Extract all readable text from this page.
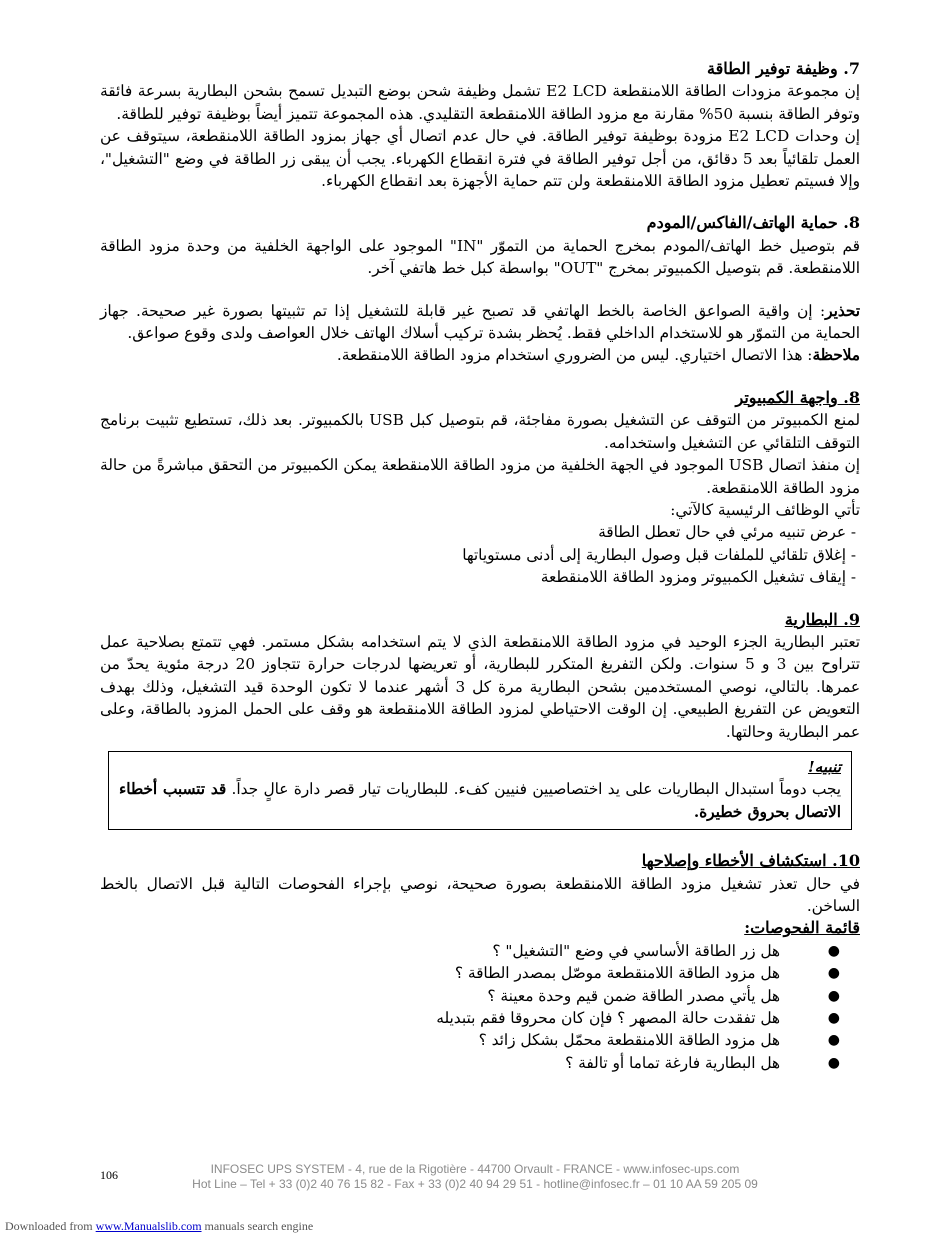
7. وظيفة توفير الطاقة

إن مجموعة مزودات الطاقة اللامنقطعة E2 LCD تشمل وظيفة شحن بوضع التبديل تسمح بشحن البطارية بسرعة فائقة وتوفر الطاقة بنسبة 50% مقارنة مع مزود الطاقة اللامنقطعة التقليدي. هذه المجموعة تتميز أيضاً بوظيفة توفير للطاقة.

إن وحدات E2 LCD مزودة بوظيفة توفير الطاقة. في حال عدم اتصال أي جهاز بمزود الطاقة اللامنقطعة، سيتوقف عن العمل تلقائياً بعد 5 دقائق، من أجل توفير الطاقة في فترة انقطاع الكهرباء. يجب أن يبقى زر الطاقة في وضع "التشغيل"، وإلا فسيتم تعطيل مزود الطاقة اللامنقطعة ولن تتم حماية الأجهزة بعد انقطاع الكهرباء.

8. حماية الهاتف/الفاكس/المودم

قم بتوصيل خط الهاتف/المودم بمخرج الحماية من التموّر "IN" الموجود على الواجهة الخلفية من وحدة مزود الطاقة اللامنقطعة. قم بتوصيل الكمبيوتر بمخرج "OUT" بواسطة كبل خط هاتفي آخر.

تحذير: إن واقية الصواعق الخاصة بالخط الهاتفي قد تصبح غير قابلة للتشغيل إذا تم تثبيتها بصورة غير صحيحة. جهاز الحماية من التموّر هو للاستخدام الداخلي فقط. يُحظر بشدة تركيب أسلاك الهاتف خلال العواصف ولدى وقوع صواعق.

ملاحظة: هذا الاتصال اختياري. ليس من الضروري استخدام مزود الطاقة اللامنقطعة.

8. واجهة الكمبيوتر

لمنع الكمبيوتر من التوقف عن التشغيل بصورة مفاجئة، قم بتوصيل كبل USB بالكمبيوتر. بعد ذلك، تستطيع تثبيت برنامج التوقف التلقائي عن التشغيل واستخدامه.

إن منفذ اتصال USB الموجود في الجهة الخلفية من مزود الطاقة اللامنقطعة يمكن الكمبيوتر من التحقق مباشرةً من حالة مزود الطاقة اللامنقطعة.

تأتي الوظائف الرئيسية كالآتي:

- عرض تنبيه مرئي في حال تعطل الطاقة

- إغلاق تلقائي للملفات قبل وصول البطارية إلى أدنى مستوياتها

- إيقاف تشغيل الكمبيوتر ومزود الطاقة اللامنقطعة

9. البطارية

تعتبر البطارية الجزء الوحيد في مزود الطاقة اللامنقطعة الذي لا يتم استخدامه بشكل مستمر. فهي تتمتع بصلاحية عمل تتراوح بين 3 و 5 سنوات. ولكن التفريغ المتكرر للبطارية، أو تعريضها لدرجات حرارة تتجاوز 20 درجة مئوية يحدّ من عمرها. بالتالي، نوصي المستخدمين بشحن البطارية مرة كل 3 أشهر عندما لا تكون الوحدة قيد التشغيل، وذلك بهدف التعويض عن التفريغ الطبيعي. إن الوقت الاحتياطي لمزود الطاقة اللامنقطعة هو وقف على الحمل المزود بالطاقة، وعلى عمر البطارية وحالتها.

تنبيه!

يجب دوماً استبدال البطاريات على يد اختصاصيين فنيين كفء. للبطاريات تيار قصر دارة عالٍ جداً. قد تتسبب أخطاء الاتصال بحروق خطيرة.

10. استكشاف الأخطاء وإصلاحها

في حال تعذر تشغيل مزود الطاقة اللامنقطعة بصورة صحيحة، نوصي بإجراء الفحوصات التالية قبل الاتصال بالخط الساخن.

قائمة الفحوصات:

●
هل زر الطاقة الأساسي في وضع "التشغيل" ؟
●
هل مزود الطاقة اللامنقطعة موصّل بمصدر الطاقة ؟
●
هل يأتي مصدر الطاقة ضمن قيم وحدة معينة ؟
●
هل تفقدت حالة المصهر ؟ فإن كان محروقا فقم بتبديله
●
هل مزود الطاقة اللامنقطعة محمّل بشكل زائد ؟
●
هل البطارية فارغة تماما أو تالفة ؟
106	INFOSEC UPS SYSTEM - 4, rue de la Rigotière - 44700 Orvault - FRANCE - www.infosec-ups.com
Hot Line – Tel + 33 (0)2 40 76 15 82 - Fax + 33 (0)2 40 94 29 51 - hotline@infosec.fr – 01 10 AA 59 205 09
Downloaded from www.Manualslib.com manuals search engine
